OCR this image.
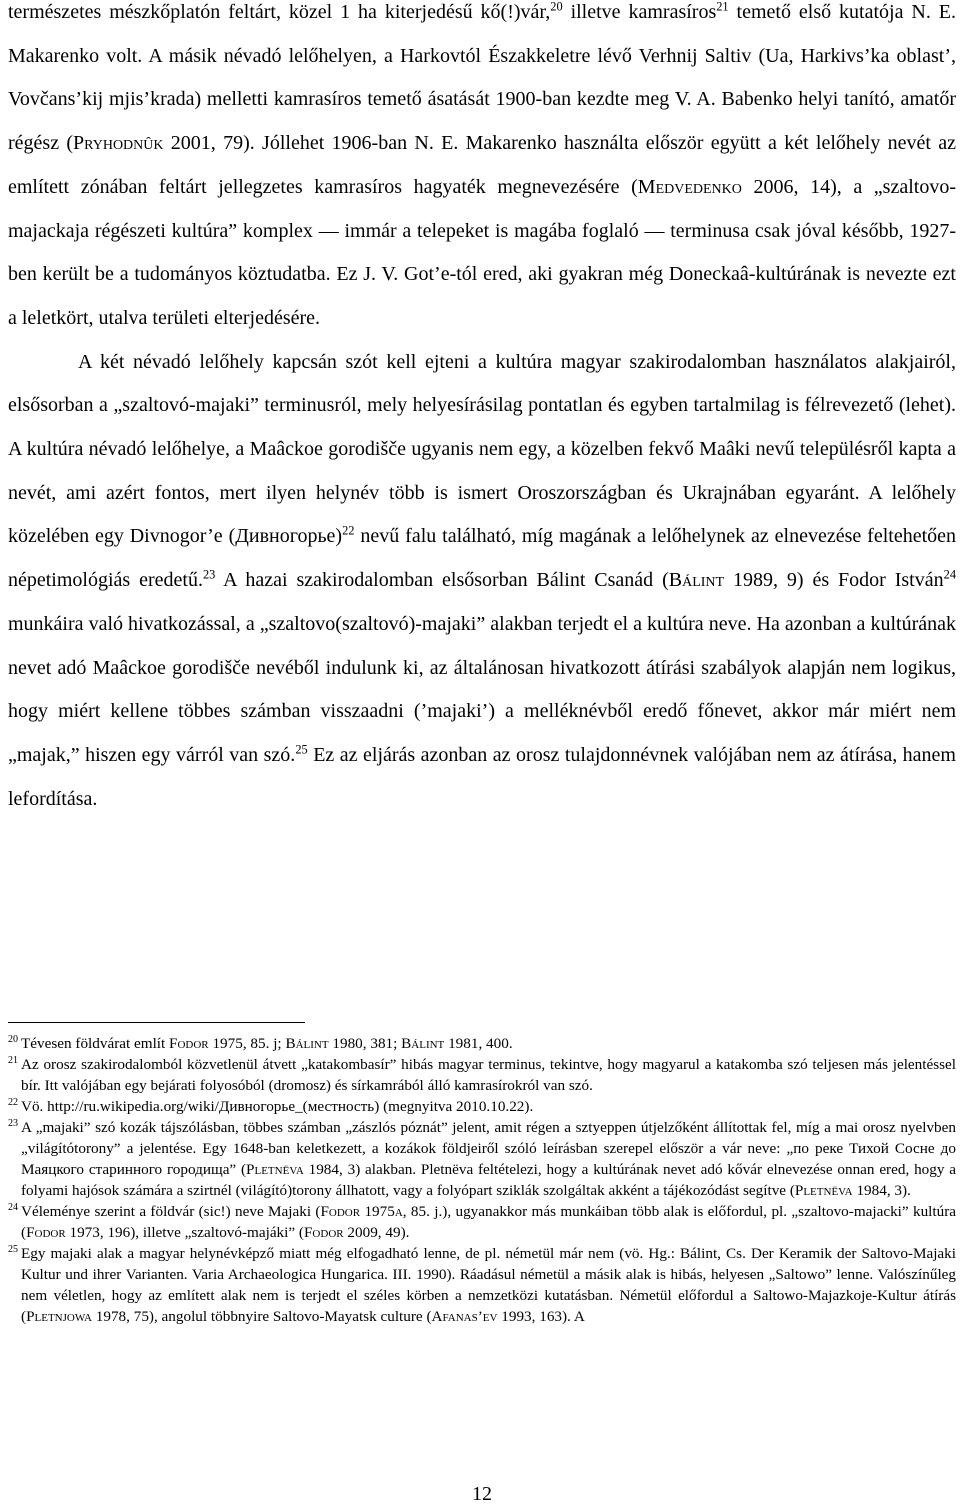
természetes mészkőplatón feltárt, közel 1 ha kiterjedésű kő(!)vár,$^{20}$ illetve kamrasíros$^{21}$ temető első kutatója N. E. Makarenko volt. A másik névadó lelőhelyen, a Harkovtól Északkeletre lévő Verhnij Saltiv (Ua, Harkivs’ka oblast’, Vovčans’kij mjis’krada) melletti kamrasíros temető ásatását 1900-ban kezdte meg V. A. Babenko helyi tanító, amatőr régész (Pryhodnûk 2001, 79). Jóllehet 1906-ban N. E. Makarenko használta először együtt a két lelőhely nevét az említett zónában feltárt jellegzetes kamrasíros hagyaték megnevezésére (Medvedenko 2006, 14), a „szaltovo-majackaja régészeti kultúra” komplex — immár a telepeket is magába foglaló — terminusa csak jóval később, 1927-ben került be a tudományos köztudatba. Ez J. V. Got’e-tól ered, aki gyakran még Doneckaâ-kultúrának is nevezte ezt a leletkört, utalva területi elterjedésére.

A két névadó lelőhely kapcsán szót kell ejteni a kultúra magyar szakirodalomban használatos alakjairól, elsősorban a „szaltovó-majaki” terminusról, mely helyesírásilag pontatlan és egyben tartalmilag is félrevezető (lehet). A kultúra névadó lelőhelye, a Maâckoe gorodišče ugyanis nem egy, a közelben fekvő Maâki nevű településről kapta a nevét, ami azért fontos, mert ilyen helynév több is ismert Oroszországban és Ukrajnában egyaránt. A lelőhely közelében egy Divnogor’e (Дивногорье)$^{22}$ nevű falu található, míg magának a lelőhelynek az elnevezése feltehetően népetimológiás eredetű.$^{23}$ A hazai szakirodalomban elsősorban Bálint Csanád (Bálint 1989, 9) és Fodor István$^{24}$ munkáira való hivatkozással, a „szaltovo(szaltovó)-majaki” alakban terjedt el a kultúra neve. Ha azonban a kultúrának nevet adó Maâckoe gorodišče nevéből indulunk ki, az általánosan hivatkozott átírási szabályok alapján nem logikus, hogy miért kellene többes számban visszaadni (’majaki’) a melléknévből eredő főnevet, akkor már miért nem „majak,” hiszen egy várról van szó.$^{25}$ Ez az eljárás azonban az orosz tulajdonnévnek valójában nem az átírása, hanem lefordítása.

$^{20}$ Tévesen földvárat említ Fodor 1975, 85. j; Bálint 1980, 381; Bálint 1981, 400.

$^{21}$ Az orosz szakirodalomból közvetlenül átvett „katakombasír” hibás magyar terminus, tekintve, hogy magyarul a katakomba szó teljesen más jelentéssel bír. Itt valójában egy bejárati folyosóból (dromosz) és sírkamrából álló kamrasírokról van szó.

$^{22}$ Vö. http://ru.wikipedia.org/wiki/Дивногорье_(местность) (megnyitva 2010.10.22).

$^{23}$ A „majaki” szó kozák tájszólásban, többes számban „zászlós póznát” jelent, amit régen a sztyeppen útjelzőként állítottak fel, míg a mai orosz nyelvben „világítótorony” a jelentése. Egy 1648-ban keletkezett, a kozákok földjeiről szóló leírásban szerepel először a vár neve: „по реке Тихой Сосне до Маяцкого старинного городища” (Pletnëva 1984, 3) alakban. Pletnëva feltételezi, hogy a kultúrának nevet adó kővár elnevezése onnan ered, hogy a folyami hajósok számára a szirtnél (világító)torony állhatott, vagy a folyópart sziklák szolgáltak akként a tájékozódást segítve (Pletnëva 1984, 3).

$^{24}$ Véleménye szerint a földvár (sic!) neve Majaki (Fodor 1975a, 85. j.), ugyanakkor más munkáiban több alak is előfordul, pl. „szaltovo-majacki” kultúra (Fodor 1973, 196), illetve „szaltovó-majáki” (Fodor 2009, 49).

$^{25}$ Egy majaki alak a magyar helynévképző miatt még elfogadható lenne, de pl. németül már nem (vö. Hg.: Bálint, Cs. Der Keramik der Saltovo-Majaki Kultur und ihrer Varianten. Varia Archaeologica Hungarica. III. 1990). Ráadásul németül a másik alak is hibás, helyesen „Saltowo” lenne. Valószínűleg nem véletlen, hogy az említett alak nem is terjedt el széles körben a nemzetközi kutatásban. Németül előfordul a Saltowo-Majazkoje-Kultur átírás (Pletnjowa 1978, 75), angolul többnyire Saltovo-Mayatsk culture (Afanas’ev 1993, 163). A

12
